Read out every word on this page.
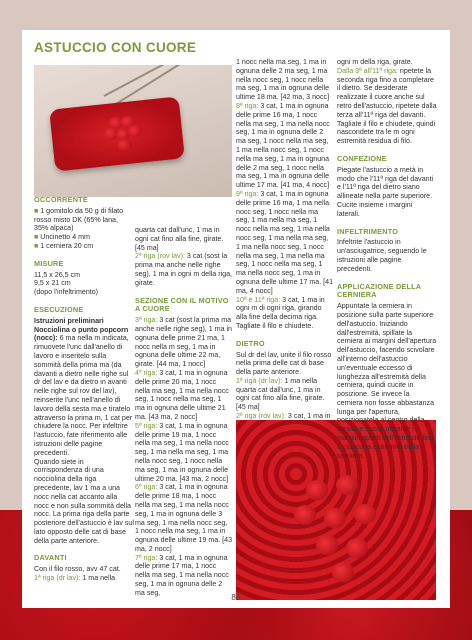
ASTUCCIO CON CUORE
OCCORRENTE
■ 1 gomitolo da 50 g di filato rosso misto DK (65% lana, 35% alpaca)
■ Uncinetto 4 mm
■ 1 cerniera 20 cm
MISURE
11,5 x 26,5 cm
9,5 x 21 cm
(dopo l'infeltrimento)
ESECUZIONE
Istruzioni preliminari
Nocciolina o punto popcorn (nocc): 6 ma nella m indicata, rimuovete l'unc dall'anello di lavoro e inseritelo sulla sommità della prima ma (da davanti a dietro nelle righe sul dr del lav e da dietro in avanti nelle righe sul rov del lav), reinserite l'unc nell'anello di lavoro della sesta ma e tiratelo attraverso la prima m, 1 cat per chiudere la nocc. Per infeltrire l'astuccio, fate riferimento alle istruzioni delle pagine precedenti.
Quando siete in corrispondenza di una nocciolina della riga precedente, lav 1 ma a una nocc nella cat accanto alla nocc e non sulla sommità della nocc. La prima riga della parte posteriore dell'astuccio è lav sul lato opposto delle cat di base della parte anteriore.
DAVANTI
Con il filo rosso, avv 47 cat.
1ª riga (dr lav): 1 ma nella
quarta cat dall'unc, 1 ma in ogni cat fino alla fine, girate. [45 ma]
2ª riga (rov lav): 3 cat (sost la prima ma anche nelle righe seg), 1 ma in ogni m della riga, girate.
SEZIONE CON IL MOTIVO A CUORE
3ª riga: 3 cat (sost la prima ma anche nelle righe seg), 1 ma in ognuna delle prime 21 ma, 1 nocc nella m seg, 1 ma in ognuna delle ultime 22 ma, girate. [44 ma, 1 nocc]
4ª riga: 3 cat, 1 ma in ognuna delle prime 20 ma, 1 nocc nella ma seg, 1 ma nella nocc seg, 1 nocc nella ma seg, 1 ma in ognuna delle ultime 21 ma. [43 ma, 2 nocc]
5ª riga: 3 cat, 1 ma in ognuna delle prime 19 ma, 1 nocc nella ma seg, 1 ma nella nocc seg, 1 ma nella ma seg, 1 ma nella nocc seg, 1 nocc nella ma seg, 1 ma in ognuna delle ultime 20 ma. [43 ma, 2 nocc]
6ª riga: 3 cat, 1 ma in ognuna delle prime 18 ma, 1 nocc nella ma seg, 1 ma nella nocc seg, 1 ma in ognuna delle 3 ma seg, 1 ma nella nocc seg, 1 nocc nella ma seg, 1 ma in ognuna delle ultime 19 ma. [43 ma, 2 nocc]
7ª riga: 3 cat, 1 ma in ognuna delle prime 17 ma, 1 nocc nella ma seg, 1 ma nella nocc seg, 1 ma in ognuna delle 2 ma seg,
1 nocc nella ma seg, 1 ma in ognuna delle 2 ma seg, 1 ma nella nocc seg, 1 nocc nella ma seg, 1 ma in ognuna delle ultime 18 ma. [42 ma, 3 nocc]
8ª riga: 3 cat, 1 ma in ognuna delle prime 16 ma, 1 nocc nella ma seg, 1 ma nella nocc seg, 1 ma in ognuna delle 2 ma seg, 1 nocc nella ma seg, 1 ma nella nocc seg, 1 nocc nella ma seg, 1 ma in ognuna delle 2 ma seg, 1 nocc nella ma seg, 1 ma in ognuna delle ultime 17 ma. [41 ma, 4 nocc]
9ª riga: 3 cat, 1 ma in ognuna delle prime 16 ma, 1 ma nella nocc seg, 1 nocc nella ma seg, 1 ma nella ma seg, 1 nocc nella ma seg, 1 ma nella nocc seg, 1 ma nella ma seg, 1 ma nella nocc seg, 1 nocc nella ma seg, 1 ma nella ma seg, 1 nocc nella ma seg, 1 ma nella nocc seg, 1 ma in ognuna delle ultime 17 ma. [41 ma, 4 nocc]
10ª e 11ª riga: 3 cat, 1 ma in ogni m di ogni riga, girando alla fine della decima riga. Tagliate il filo e chiudete.
DIETRO
Sul dr del lav, unite il filo rosso nella prima delle cat di base della parte anteriore.
1ª riga (dr lav): 1 ma nella quarta cat dall'unc, 1 ma in ogni cat fino alla fine, girate. [45 ma]
2ª riga (rov lav): 3 cat, 1 ma in
ogni m della riga, girate.
Dalla 3ª all'11ª riga: ripetete la seconda riga fino a completare il dietro. Se desiderate realizzate il cuore anche sul retro dell'astuccio, ripetete dalla terza all'11ª riga del davanti. Tagliate il filo e chiudete, quindi nascondete tra le m ogni estremità residua di filo.
CONFEZIONE
Piegate l'astuccio a metà in modo che l'11ª riga del davanti e l'11ª riga del dietro siano allineate nella parte superiore. Cucite insieme i margini laterali.
INFELTRIMENTO
Infeltrite l'astuccio in un'asciugatrice, seguendo le istruzioni alle pagine precedenti.
APPLICAZIONE DELLA CERNIERA
Appuntate la cerniera in posizione sulla parte superiore dell'astuccio. Iniziando dall'estremità, spillate la cerniera ai margini dell'apertura dell'astuccio, facendo scivolare all'interno dell'astuccio un'eventuale eccesso di lunghezza all'estremità della cerniera, quindi cucite in posizione. Se invece la cerniera non fosse abbastanza lunga per l'apertura, posizionatela al centro della stessa e cucite insieme i margini aperti dell'astuccio fino a ciascuna estremità della cerniera.
81
